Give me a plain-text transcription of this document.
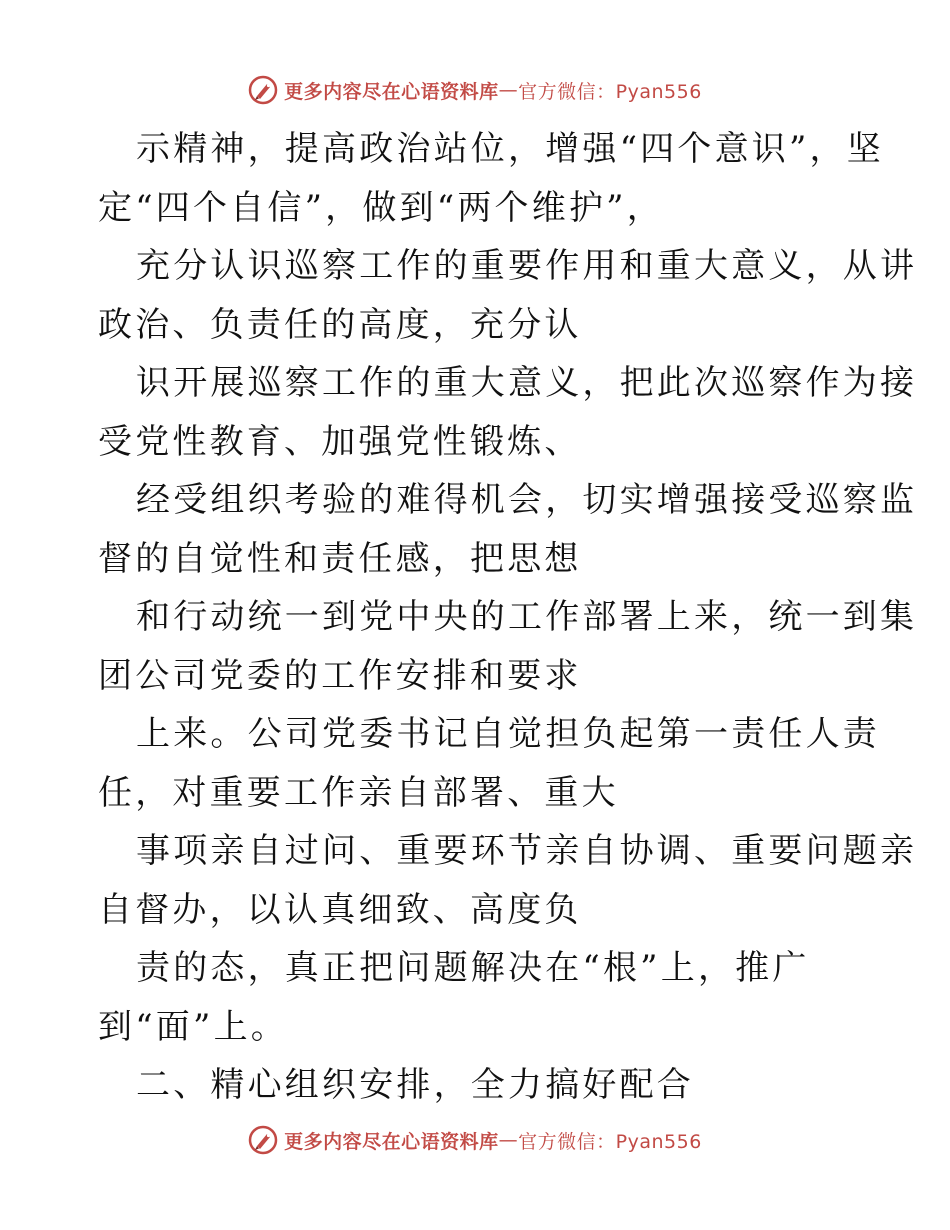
更多内容尽在心语资料库 — 官方微信：Pyan556
示精神，提高政治站位，增强“四个意识”，坚
定“四个自信”，做到“两个维护”，
充分认识巡察工作的重要作用和重大意义，从讲
政治、负责任的高度，充分认
识开展巡察工作的重大意义，把此次巡察作为接
受党性教育、加强党性锻炼、
经受组织考验的难得机会，切实增强接受巡察监
督的自觉性和责任感，把思想
和行动统一到党中央的工作部署上来，统一到集
团公司党委的工作安排和要求
上来。公司党委书记自觉担负起第一责任人责
任，对重要工作亲自部署、重大
事项亲自过问、重要环节亲自协调、重要问题亲
自督办，以认真细致、高度负
责的态，真正把问题解决在“根”上，推广
到“面”上。
二、精心组织安排，全力搞好配合
更多内容尽在心语资料库 — 官方微信：Pyan556
